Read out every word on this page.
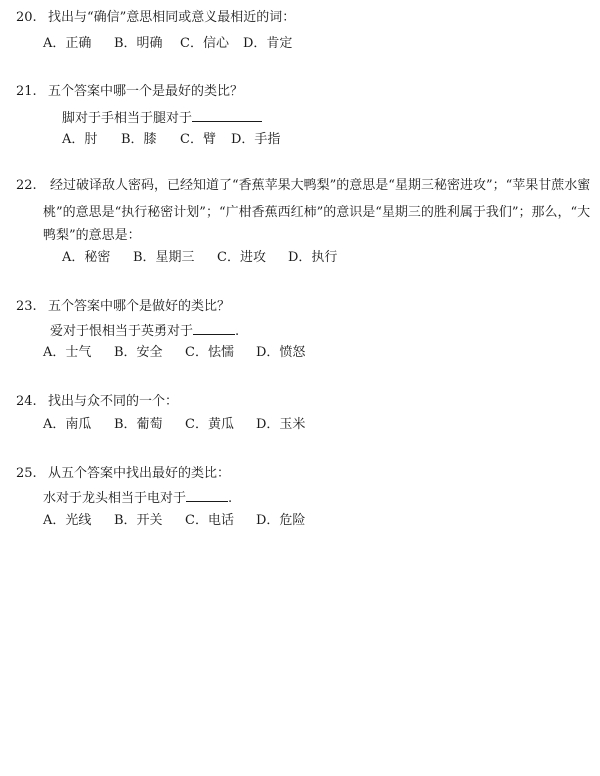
20. 找出与“确信”意思相同或意义最相近的词：
A．正确 B．明确 C．信心 D．肯定
21. 五个答案中哪一个是最好的类比？
脚对于手相当于腿对于
A．肘 B．膝 C．臂 D．手指
22. 经过破译敌人密码，已经知道了“香蕉苹果大鸭梨”的意思是“星期三秘密进攻”；“苹果甘蔗水蜜
桃”的意思是“执行秘密计划”；“广柑香蕉西红柿”的意识是“星期三的胜利属于我们”；那么，“大
鸭梨”的意思是：
A．秘密 B．星期三 C．进攻 D．执行
23. 五个答案中哪个是做好的类比？
爱对于恨相当于英勇对于	.
A．士气 B．安全 C．怯懦 D．愤怒
24. 找出与众不同的一个：
A．南瓜 B．葡萄 C．黄瓜 D．玉米
25. 从五个答案中找出最好的类比：
水对于龙头相当于电对于	.
A．光线 B．开关 C．电话 D．危险
